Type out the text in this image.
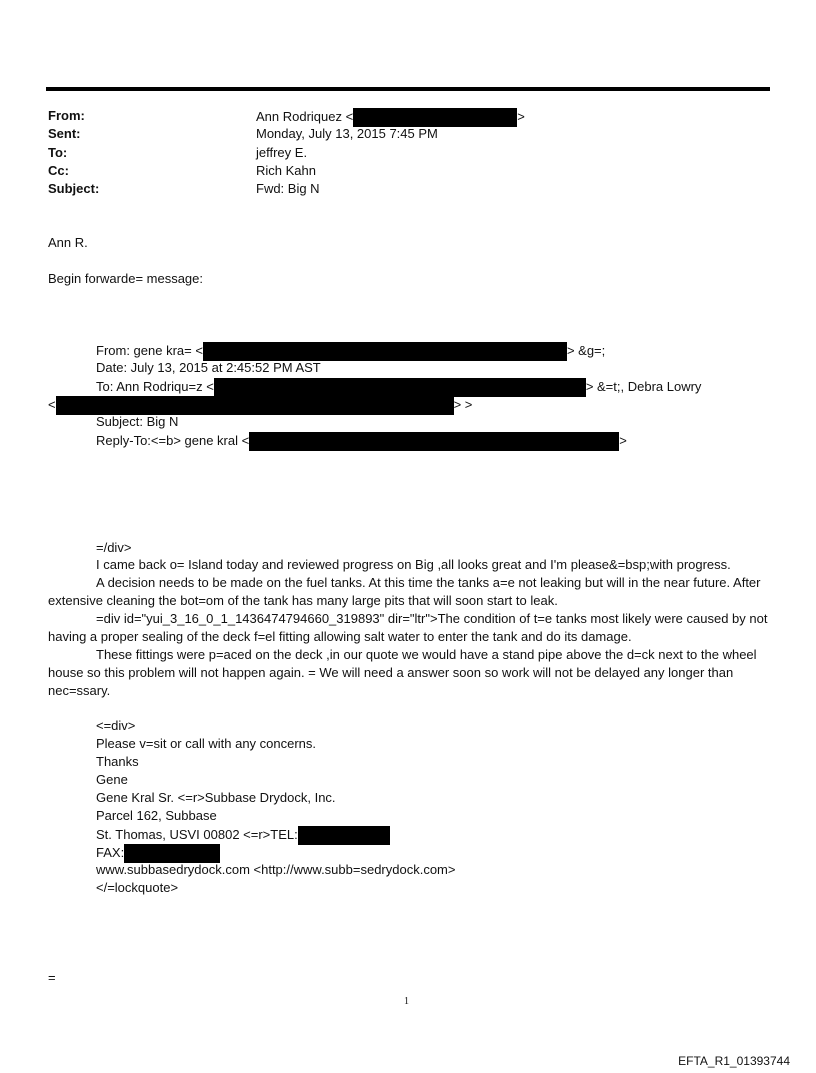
From:	Ann Rodriquez <	>
Sent:	Monday, July 13, 2015 7:45 PM
To:	jeffrey E.
Cc:	Rich Kahn
Subject:	Fwd: Big N
Ann R.
Begin forwarde= message:
From: gene kra= <	> &g=;
Date: July 13, 2015 at 2:45:52 PM AST
To: Ann Rodriqu=z <	> &=t;, Debra Lowry
<	> >
Subject: Big N
Reply-To:<=b> gene kral <	>
=/div>
I came back o= Island today and reviewed progress on Big ,all looks great and I'm please&=bsp;with progress.
A decision needs to be made on the fuel tanks. At this time the tanks a=e not leaking but will in the near future. After extensive cleaning the bot=om of the tank has many large pits that will soon start to leak.
=div id="yui_3_16_0_1_1436474794660_319893" dir="ltr">The condition of t=e tanks most likely were caused by not having a proper sealing of the deck f=el fitting allowing salt water to enter the tank and do its damage.
These fittings were p=aced on the deck ,in our quote we would have a stand pipe above the d=ck next to the wheel house so this problem will not happen again. = We will need a answer soon so work will not be delayed any longer than nec=ssary.
<=div>
Please v=sit or call with any concerns.
Thanks
Gene
Gene Kral Sr. <=r>Subbase Drydock, Inc.
Parcel 162, Subbase
St. Thomas, USVI 00802 <=r>TEL:
FAX:
www.subbasedrydock.com <http://www.subb=sedrydock.com>
</=lockquote>
=
1
EFTA_R1_01393744
